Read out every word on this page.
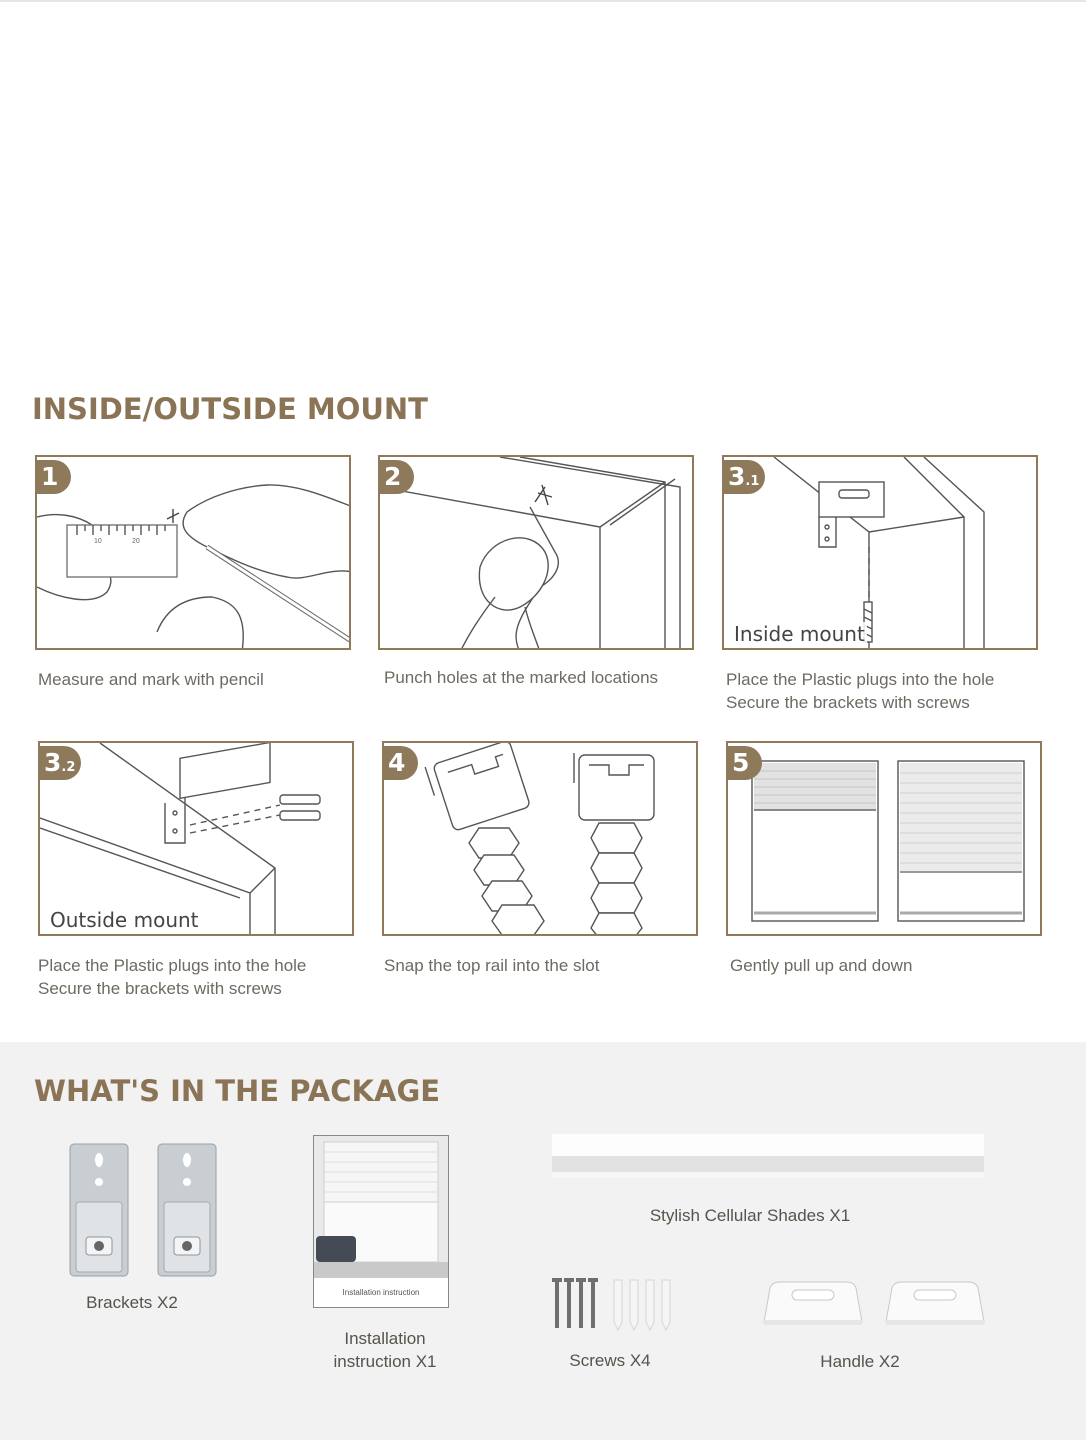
INSIDE/OUTSIDE MOUNT
10	20
1
Measure and mark with pencil
2
Punch holes at the marked locations
3.1
Inside mount
Place the Plastic plugs into the hole
Secure the brackets with screws
3.2
Outside mount
Place the Plastic plugs into the hole
Secure the brackets with screws
4
Snap the top rail into the slot
5
Gently pull up and down
WHAT'S IN THE PACKAGE
Brackets X2
Installation instruction
Installation
instruction X1
Stylish Cellular Shades X1
Screws X4	Handle X2
